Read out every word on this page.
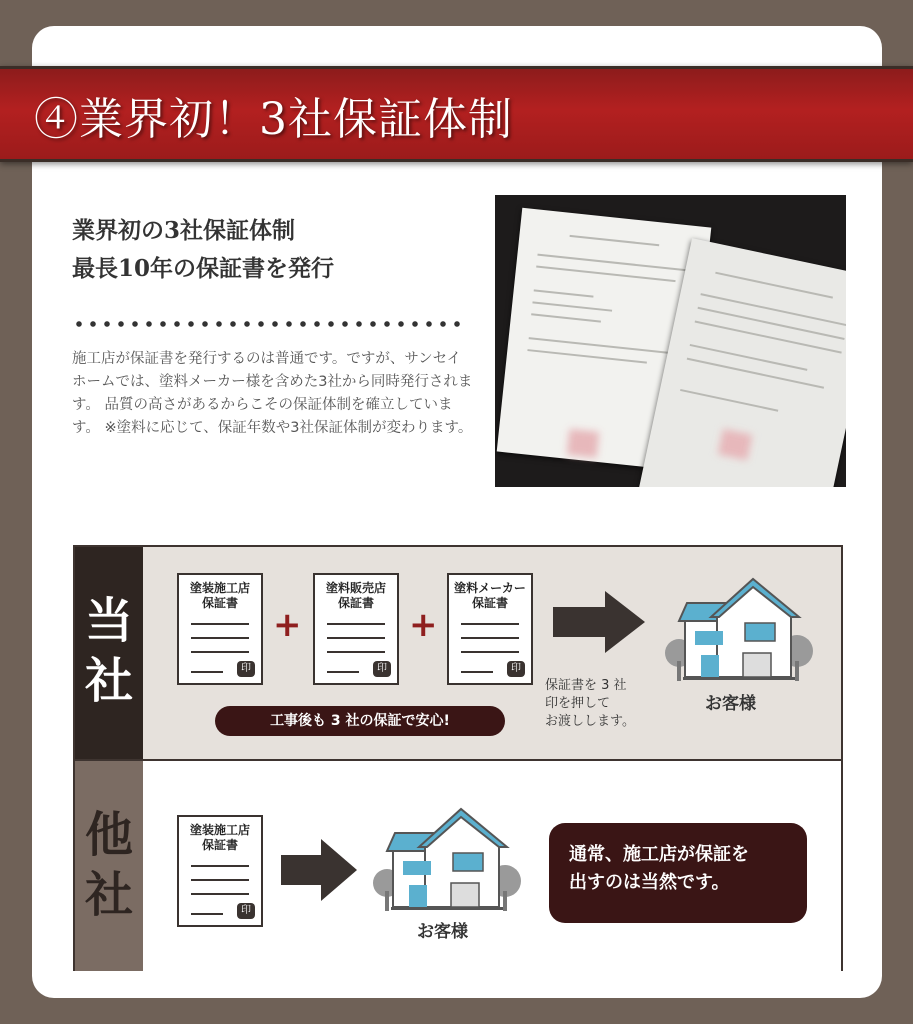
④業界初！3社保証体制
業界初の3社保証体制
最長10年の保証書を発行
施工店が保証書を発行するのは普通です。ですが、サンセイホームでは、塗料メーカー様を含めた3社から同時発行されます。 品質の高さがあるからこその保証体制を確立しています。 ※塗料に応じて、保証年数や3社保証体制が変わります。
当
社
塗装施工店
保証書
印
+
塗料販売店
保証書
印
+
塗料メーカー
保証書
印
お客様
工事後も 3 社の保証で安心!
保証書を 3 社
印を押して
お渡しします。
他
社
塗装施工店
保証書
印
お客様
通常、施工店が保証を
出すのは当然です。
